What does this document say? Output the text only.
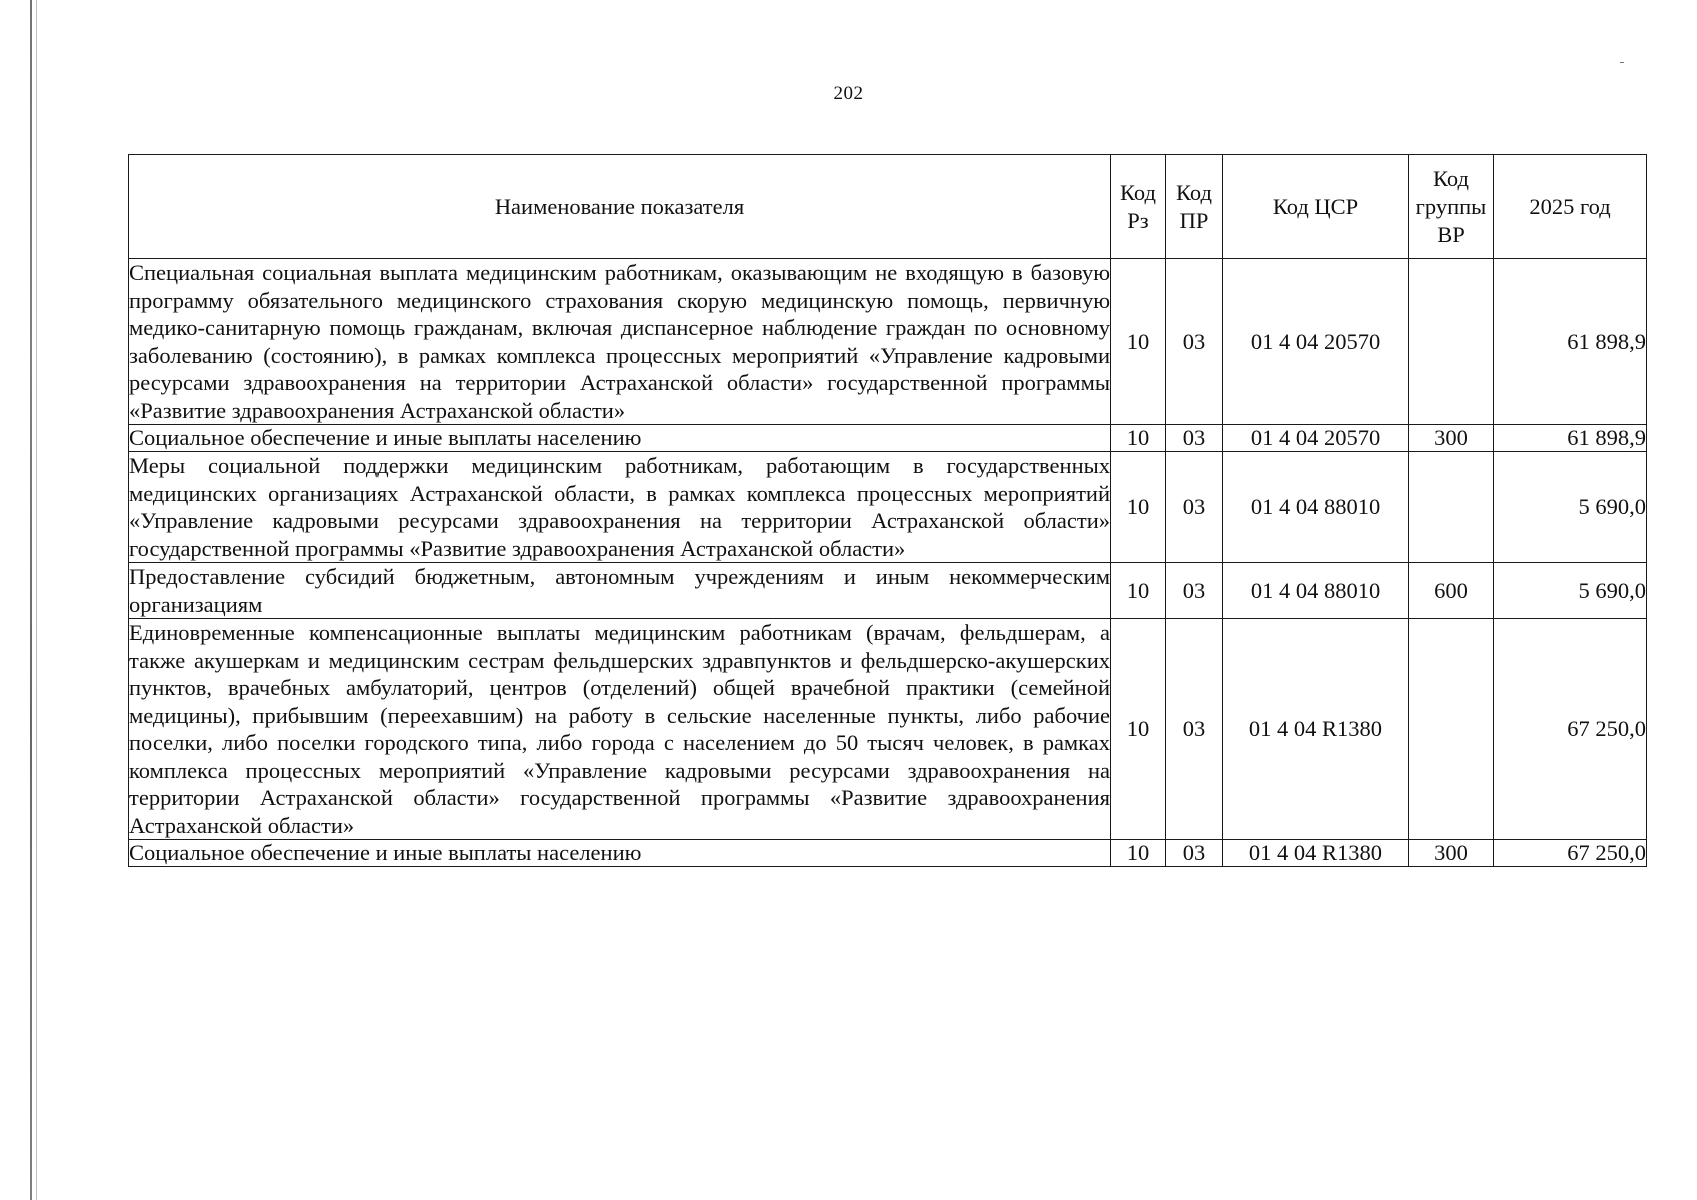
202
Наименование показателя	Код Рз	Код ПР	Код ЦСР	Код группы ВР	2025 год
Специальная социальная выплата медицинским работникам, оказывающим не входящую в базовую программу обязательного медицинского страхования скорую медицинскую помощь, первичную медико-санитарную помощь гражданам, включая диспансерное наблюдение граждан по основному заболеванию (состоянию), в рамках комплекса процессных мероприятий «Управление кадровыми ресурсами здравоохранения на территории Астраханской области» государственной программы «Развитие здравоохранения Астраханской области»	10	03	01 4 04 20570		61 898,9
Социальное обеспечение и иные выплаты населению	10	03	01 4 04 20570	300	61 898,9
Меры социальной поддержки медицинским работникам, работающим в государственных медицинских организациях Астраханской области, в рамках комплекса процессных мероприятий «Управление кадровыми ресурсами здравоохранения на территории Астраханской области» государственной программы «Развитие здравоохранения Астраханской области»	10	03	01 4 04 88010		5 690,0
Предоставление субсидий бюджетным, автономным учреждениям и иным некоммерческим организациям	10	03	01 4 04 88010	600	5 690,0
Единовременные компенсационные выплаты медицинским работникам (врачам, фельдшерам, а также акушеркам и медицинским сестрам фельдшерских здравпунктов и фельдшерско-акушерских пунктов, врачебных амбулаторий, центров (отделений) общей врачебной практики (семейной медицины), прибывшим (переехавшим) на работу в сельские населенные пункты, либо рабочие поселки, либо поселки городского типа, либо города с населением до 50 тысяч человек, в рамках комплекса процессных мероприятий «Управление кадровыми ресурсами здравоохранения на территории Астраханской области» государственной программы «Развитие здравоохранения Астраханской области»	10	03	01 4 04 R1380		67 250,0
Социальное обеспечение и иные выплаты населению	10	03	01 4 04 R1380	300	67 250,0
